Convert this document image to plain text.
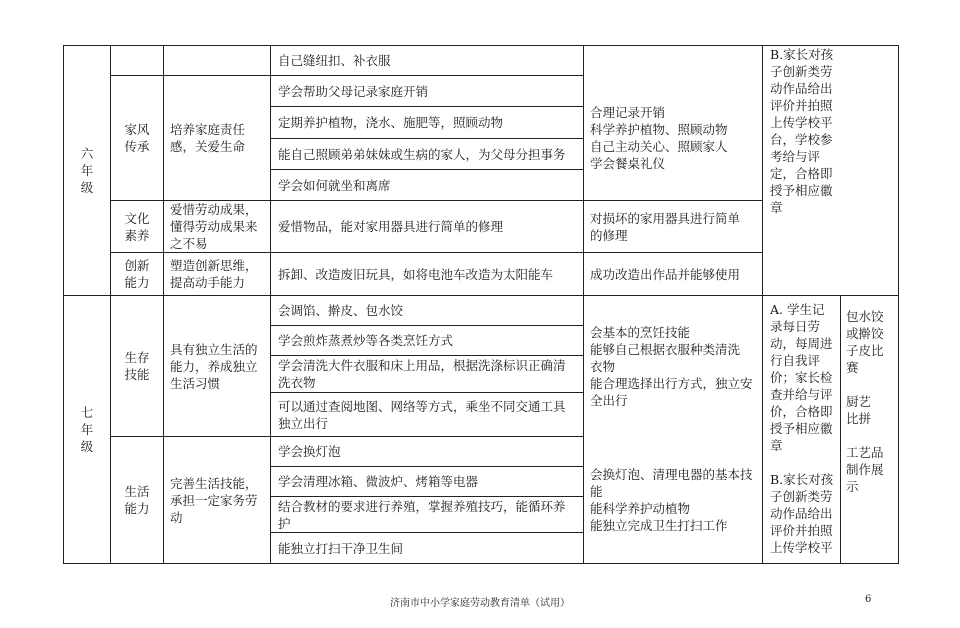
六
年
级
自己缝纽扣、补衣服
家风
传承
培养家庭责任
感，关爱生命
学会帮助父母记录家庭开销
定期养护植物，浇水、施肥等，照顾动物
能自己照顾弟弟妹妹或生病的家人，为父母分担事务
学会如何就坐和离席
合理记录开销
科学养护植物、照顾动物
自己主动关心、照顾家人
学会餐桌礼仪
文化
素养
爱惜劳动成果，
懂得劳动成果来
之不易
爱惜物品，能对家用器具进行简单的修理
对损坏的家用器具进行简单
的修理
创新
能力
塑造创新思维，
提高动手能力
拆卸、改造废旧玩具，如将电池车改造为太阳能车	成功改造出作品并能够使用
B.家长对孩
子创新类劳
动作品给出
评价并拍照
上传学校平
台，学校参
考给与评
定，合格即
授予相应徽
章
七
年
级
生存
技能
具有独立生活的
能力，养成独立
生活习惯
会调馅、擀皮、包水饺
学会煎炸蒸煮炒等各类烹饪方式
学会清洗大件衣服和床上用品，根据洗涤标识正确清
洗衣物
可以通过查阅地图、网络等方式，乘坐不同交通工具
独立出行
会基本的烹饪技能
能够自己根据衣服种类清洗
衣物
能合理选择出行方式，独立安
全出行
生活
能力
完善生活技能，
承担一定家务劳
动
学会换灯泡
学会清理冰箱、微波炉、烤箱等电器
结合教材的要求进行养殖，掌握养殖技巧，能循环养
护
能独立打扫干净卫生间
会换灯泡、清理电器的基本技
能
能科学养护动植物
能独立完成卫生打扫工作
A. 学生记
录每日劳
动，每周进
行自我评
价；家长检
查并给与评
价，合格即
授予相应徽
章

B.家长对孩
子创新类劳
动作品给出
评价并拍照
上传学校平
包水饺
或擀饺
子皮比
赛

厨艺
比拼

工艺品
制作展
示
济南市中小学家庭劳动教育清单（试用）	6
